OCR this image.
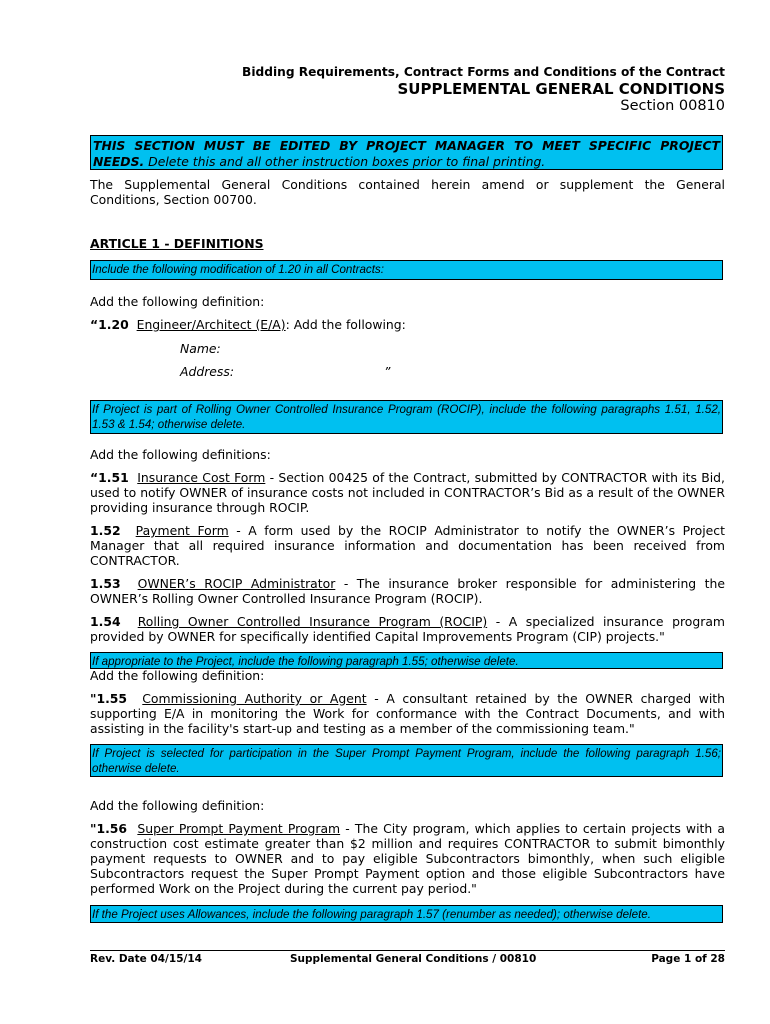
Bidding Requirements, Contract Forms and Conditions of the Contract
SUPPLEMENTAL GENERAL CONDITIONS
Section 00810
THIS SECTION MUST BE EDITED BY PROJECT MANAGER TO MEET SPECIFIC PROJECT NEEDS. Delete this and all other instruction boxes prior to final printing.
The Supplemental General Conditions contained herein amend or supplement the General Conditions, Section 00700.
ARTICLE 1 - DEFINITIONS
Include the following modification of 1.20 in all Contracts:
Add the following definition:
“1.20 Engineer/Architect (E/A): Add the following:
Name:
Address:	”
If Project is part of Rolling Owner Controlled Insurance Program (ROCIP), include the following paragraphs 1.51, 1.52, 1.53 & 1.54; otherwise delete.
Add the following definitions:
“1.51 Insurance Cost Form - Section 00425 of the Contract, submitted by CONTRACTOR with its Bid, used to notify OWNER of insurance costs not included in CONTRACTOR’s Bid as a result of the OWNER providing insurance through ROCIP.
1.52 Payment Form - A form used by the ROCIP Administrator to notify the OWNER’s Project Manager that all required insurance information and documentation has been received from CONTRACTOR.
1.53 OWNER’s ROCIP Administrator - The insurance broker responsible for administering the OWNER’s Rolling Owner Controlled Insurance Program (ROCIP).
1.54 Rolling Owner Controlled Insurance Program (ROCIP) - A specialized insurance program provided by OWNER for specifically identified Capital Improvements Program (CIP) projects."
If appropriate to the Project, include the following paragraph 1.55; otherwise delete.
Add the following definition:
"1.55 Commissioning Authority or Agent - A consultant retained by the OWNER charged with supporting E/A in monitoring the Work for conformance with the Contract Documents, and with assisting in the facility's start-up and testing as a member of the commissioning team."
If Project is selected for participation in the Super Prompt Payment Program, include the following paragraph 1.56; otherwise delete.
Add the following definition:
"1.56 Super Prompt Payment Program - The City program, which applies to certain projects with a construction cost estimate greater than $2 million and requires CONTRACTOR to submit bimonthly payment requests to OWNER and to pay eligible Subcontractors bimonthly, when such eligible Subcontractors request the Super Prompt Payment option and those eligible Subcontractors have performed Work on the Project during the current pay period."
If the Project uses Allowances, include the following paragraph 1.57 (renumber as needed); otherwise delete.
Rev. Date 04/15/14	Supplemental General Conditions / 00810	Page 1 of 28
